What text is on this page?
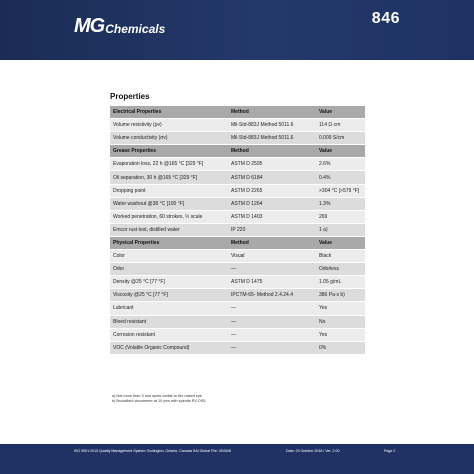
MG Chemicals
846
Properties
Electrical Properties	Method	Value
Volume resistivity (ρv)	Mil-Std-883J Method 5011.6	114 Ω·cm
Volume conductivity (σv)	Mil-Std-883J Method 5011.6	0.009 S/cm
Grease Properties	Method	Value
Evaporation loss, 22 h @165 °C [329 °F]	ASTM D 2595	2.6%
Oil separation, 30 h @165 °C [329 °F]	ASTM D 6184	0.4%
Dropping point	ASTM D 2265	>304 °C [>579 °F]
Water washout @38 °C [100 °F]	ASTM D 1264	1.3%
Worked penetration, 60 strokes, ½ scale	ASTM D 1403	269
Emcor rust test, distilled water	IP 220	1 a)
Physical Properties	Method	Value
Color	Visual	Black
Odor	—	Odorless
Density @25 °C [77 °F]	ASTM D 1475	1.05 g/mL
Viscosity @25 °C [77 °F]	IPCTM-65- Method 2.4.24.4	386 Pa·s b)
Lubricant	—	Yes
Bleed resistant	—	No
Corrosion resistant	—	Yes
VOC (Volatile Organic Compound)	—	0%
a) Not more than 3 rust spots visible to the naked eye.
b) Brookfield viscometer at 10 rpm with spindle RV DS5.
ISO 9001:2015 Quality Management System: Burlington, Ontario, Canada SAI Global File: 004008	Date: 03 October 2018 / Ver. 2.00	Page 2
